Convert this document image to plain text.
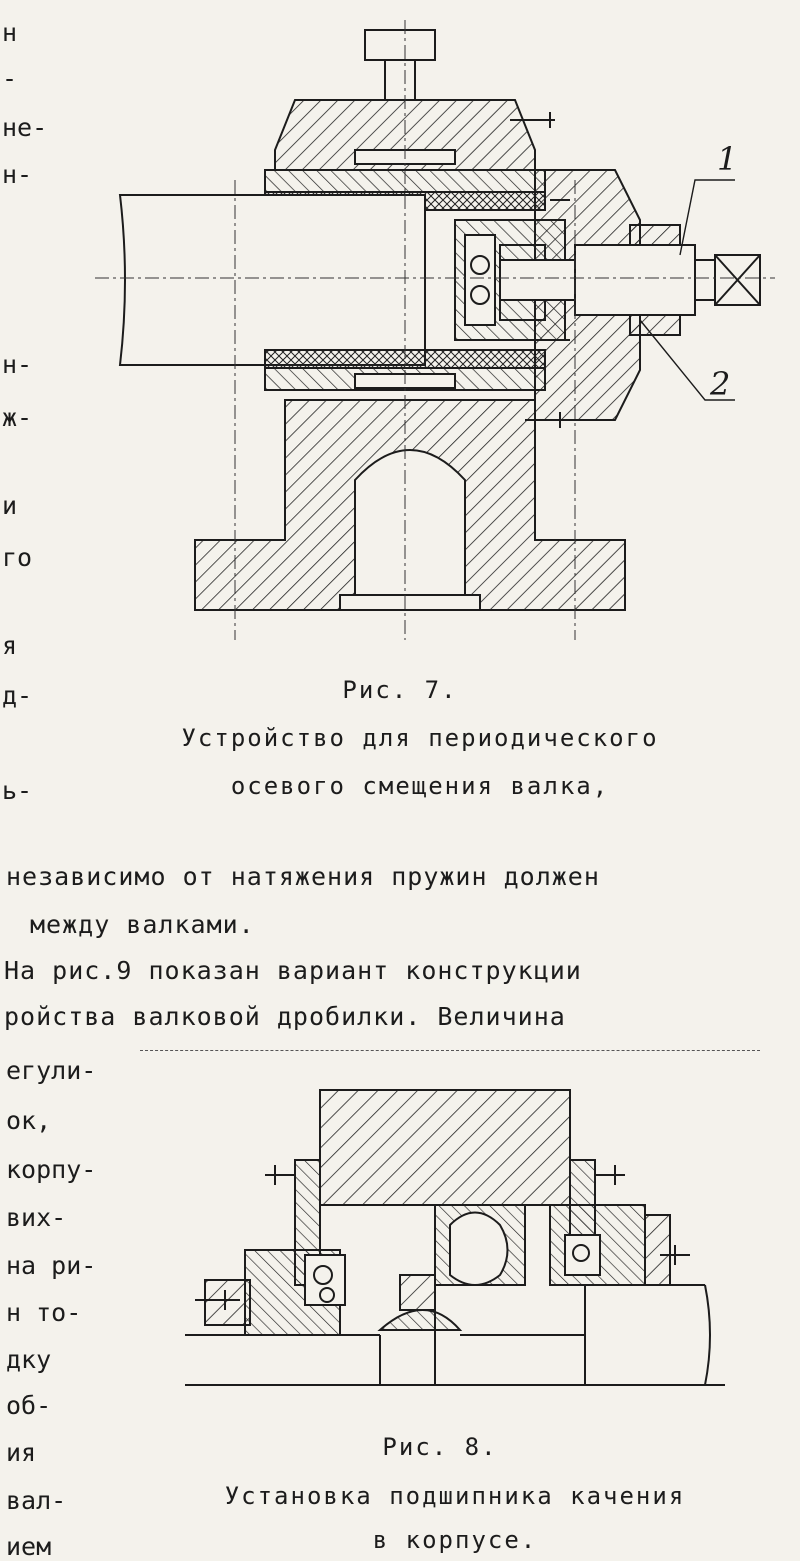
н
-
не-
н-
н-
ж-
и
го
я
д-
ь-
1
2
Рис. 7.
Устройство для периодического
осевого смещения валка,
независимо от натяжения пружин должен
между валками.
На рис.9 показан вариант конструкции
ройства валковой дробилки. Величина
егули-
ок,
корпу-
вих-
на ри-
н то-
дку
об-
ия
вал-
ием
Рис. 8.
Установка подшипника качения
в корпусе.
